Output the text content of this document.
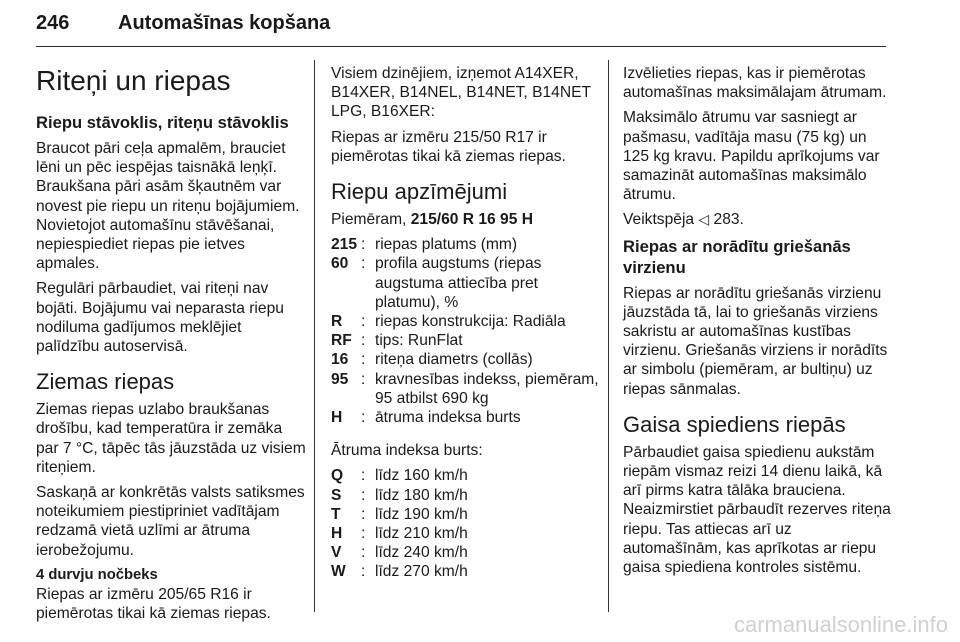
246 Automašīnas kopšana
Riteņi un riepas
Riepu stāvoklis, riteņu stāvoklis

Braucot pāri ceļa apmalēm, brauciet lēni un pēc iespējas taisnākā leņķī. Braukšana pāri asām šķautnēm var novest pie riepu un riteņu bojājumiem. Novietojot automašīnu stāvēšanai, nepiespiediet riepas pie ietves apmales.

Regulāri pārbaudiet, vai riteņi nav bojāti. Bojājumu vai neparasta riepu nodiluma gadījumos meklējiet palīdzību autoservisā.

Ziemas riepas

Ziemas riepas uzlabo braukšanas drošību, kad temperatūra ir zemāka par 7 °C, tāpēc tās jāuzstāda uz visiem riteņiem.

Saskaņā ar konkrētās valsts satiksmes noteikumiem piestipriniet vadītājam redzamā vietā uzlīmi ar ātruma ierobežojumu.

4 durvju nočbeks

Riepas ar izmēru 205/65 R16 ir piemērotas tikai kā ziemas riepas.

Visiem dzinējiem, izņemot A14XER, B14XER, B14NEL, B14NET, B14NET LPG, B16XER:

Riepas ar izmēru 215/50 R17 ir piemērotas tikai kā ziemas riepas.

Riepu apzīmējumi

Piemēram, 215/60 R 16 95 H

215 : riepas platums (mm)
60 : profila augstums (riepas augstuma attiecība pret platumu), %
R	: riepas konstrukcija: Radiāla
RF : tips: RunFlat
16 : riteņa diametrs (collās)
95 : kravnesības indekss, piemēram, 95 atbilst 690 kg
H	: ātruma indeksa burts

Ātruma indeksa burts:

Q	: līdz 160 km/h
S	: līdz 180 km/h
T	: līdz 190 km/h
H	: līdz 210 km/h
V	: līdz 240 km/h
W : līdz 270 km/h

Izvēlieties riepas, kas ir piemērotas automašīnas maksimālajam ātrumam.

Maksimālo ātrumu var sasniegt ar pašmasu, vadītāja masu (75 kg) un 125 kg kravu. Papildu aprīkojums var samazināt automašīnas maksimālo ātrumu.

Veiktspēja ◁ 283.

Riepas ar norādītu griešanās virzienu

Riepas ar norādītu griešanās virzienu jāuzstāda tā, lai to griešanās virziens sakristu ar automašīnas kustības virzienu. Griešanās virziens ir norādīts ar simbolu (piemēram, ar bultiņu) uz riepas sānmalas.

Gaisa spiediens riepās

Pārbaudiet gaisa spiedienu aukstām riepām vismaz reizi 14 dienu laikā, kā arī pirms katra tālāka brauciena. Neaizmirstiet pārbaudīt rezerves riteņa riepu. Tas attiecas arī uz automašīnām, kas aprīkotas ar riepu gaisa spiediena kontroles sistēmu.

carmanualsonline.info
